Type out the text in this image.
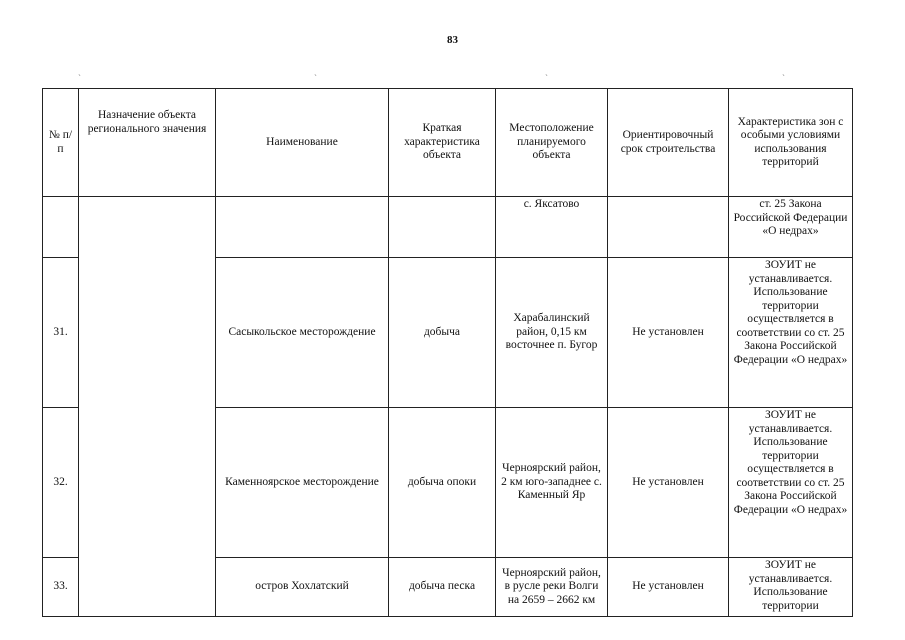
83
ˏ	ˏ	ˏ	ˏ
№ п/п	Назначение объекта регионального значения	Наименование	Краткая характеристика объекта	Местоположение планируемого объекта	Ориентировочный срок строительства	Характеристика зон с особыми условиями использования территорий
				с. Яксатово		ст. 25 Закона Российской Федерации «О недрах»
31.		Сасыкольское месторождение	добыча	Харабалинский район, 0,15 км восточнее п. Бугор	Не установлен	ЗОУИТ не устанавливается. Использование территории осуществляется в соответствии со ст. 25 Закона Российской Федерации «О недрах»
32.		Каменноярское месторождение	добыча опоки	Черноярский район, 2 км юго-западнее с. Каменный Яр	Не установлен	ЗОУИТ не устанавливается. Использование территории осуществляется в соответствии со ст. 25 Закона Российской Федерации «О недрах»
33.		остров Хохлатский	добыча песка	Черноярский район, в русле реки Волги на 2659 – 2662 км	Не установлен	ЗОУИТ не устанавливается. Использование территории
